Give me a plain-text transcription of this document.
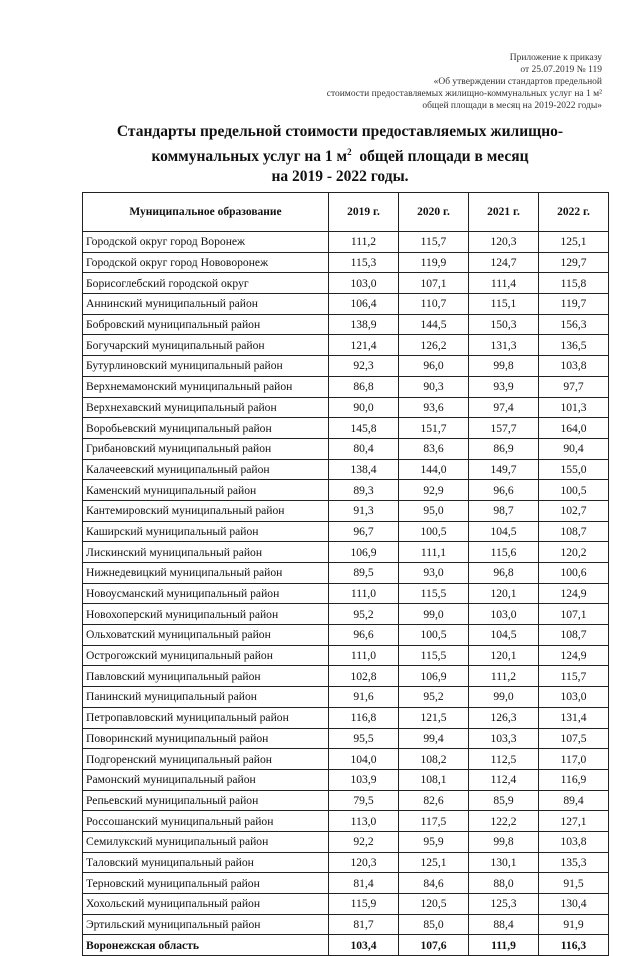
Приложение к приказу
от 25.07.2019 № 119
«Об утверждении стандартов предельной
стоимости предоставляемых жилищно-коммунальных услуг на 1 м²
общей площади в месяц на 2019-2022 годы»
Стандарты предельной стоимости предоставляемых жилищно-
коммунальных услуг на 1 $м^2$  общей площади в месяц
на 2019 - 2022 годы.
Муниципальное образование	2019 г.	2020 г.	2021 г.	2022 г.
Городской округ город Воронеж	111,2	115,7	120,3	125,1
Городской округ город Нововоронеж	115,3	119,9	124,7	129,7
Борисоглебский городской округ	103,0	107,1	111,4	115,8
Аннинский муниципальный район	106,4	110,7	115,1	119,7
Бобровский муниципальный район	138,9	144,5	150,3	156,3
Богучарский муниципальный район	121,4	126,2	131,3	136,5
Бутурлиновский муниципальный район	92,3	96,0	99,8	103,8
Верхнемамонский муниципальный район	86,8	90,3	93,9	97,7
Верхнехавский муниципальный район	90,0	93,6	97,4	101,3
Воробьевский муниципальный район	145,8	151,7	157,7	164,0
Грибановский муниципальный район	80,4	83,6	86,9	90,4
Калачеевский муниципальный район	138,4	144,0	149,7	155,0
Каменский муниципальный район	89,3	92,9	96,6	100,5
Кантемировский муниципальный район	91,3	95,0	98,7	102,7
Каширский муниципальный район	96,7	100,5	104,5	108,7
Лискинский муниципальный район	106,9	111,1	115,6	120,2
Нижнедевицкий муниципальный район	89,5	93,0	96,8	100,6
Новоусманский муниципальный район	111,0	115,5	120,1	124,9
Новохоперский муниципальный район	95,2	99,0	103,0	107,1
Ольховатский муниципальный район	96,6	100,5	104,5	108,7
Острогожский муниципальный район	111,0	115,5	120,1	124,9
Павловский муниципальный район	102,8	106,9	111,2	115,7
Панинский муниципальный район	91,6	95,2	99,0	103,0
Петропавловский муниципальный район	116,8	121,5	126,3	131,4
Поворинский муниципальный район	95,5	99,4	103,3	107,5
Подгоренский муниципальный район	104,0	108,2	112,5	117,0
Рамонский муниципальный район	103,9	108,1	112,4	116,9
Репьевский муниципальный район	79,5	82,6	85,9	89,4
Россошанский муниципальный район	113,0	117,5	122,2	127,1
Семилукский муниципальный район	92,2	95,9	99,8	103,8
Таловский муниципальный район	120,3	125,1	130,1	135,3
Терновский муниципальный район	81,4	84,6	88,0	91,5
Хохольский муниципальный район	115,9	120,5	125,3	130,4
Эртильский муниципальный район	81,7	85,0	88,4	91,9
Воронежская область	103,4	107,6	111,9	116,3
